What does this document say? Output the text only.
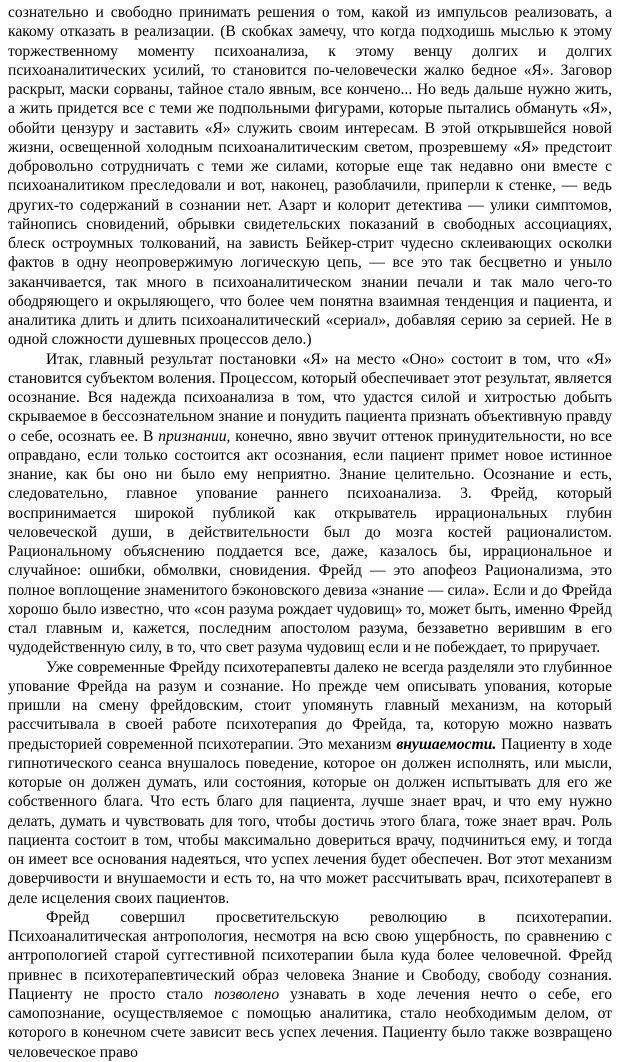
сознательно и свободно принимать решения о том, какой из импульсов реализовать, а какому отказать в реализации. (В скобках замечу, что когда подходишь мыслью к этому торжественному моменту психоанализа, к этому венцу долгих и долгих психоаналитических усилий, то становится по-человечески жалко бедное «Я». Заговор раскрыт, маски сорваны, тайное стало явным, все кончено... Но ведь дальше нужно жить, а жить придется все с теми же подпольными фигурами, которые пытались обмануть «Я», обойти цензуру и заставить «Я» служить своим интересам. В этой открывшейся новой жизни, освещенной холодным психоаналитическим светом, прозревшему «Я» предстоит добровольно сотрудничать с теми же силами, которые еще так недавно они вместе с психоаналитиком преследовали и вот, наконец, разоблачили, приперли к стенке, — ведь других-то содержаний в сознании нет. Азарт и колорит детектива — улики симптомов, тайнопись сновидений, обрывки свидетельских показаний в свободных ассоциациях, блеск остроумных толкований, на зависть Бейкер-стрит чудесно склеивающих осколки фактов в одну неопровержимую логическую цепь, — все это так бесцветно и уныло заканчивается, так много в психоаналитическом знании печали и так мало чего-то ободряющего и окрыляющего, что более чем понятна взаимная тенденция и пациента, и аналитика длить и длить психоаналитический «сериал», добавляя серию за серией. Не в одной сложности душевных процессов дело.)

Итак, главный результат постановки «Я» на место «Оно» состоит в том, что «Я» становится субъектом воления. Процессом, который обеспечивает этот результат, является осознание. Вся надежда психоанализа в том, что удастся силой и хитростью добыть скрываемое в бессознательном знание и понудить пациента признать объективную правду о себе, осознать ее. В признании, конечно, явно звучит оттенок принудительности, но все оправдано, если только состоится акт осознания, если пациент примет новое истинное знание, как бы оно ни было ему неприятно. Знание целительно. Осознание и есть, следовательно, главное упование раннего психоанализа. 3. Фрейд, который воспринимается широкой публикой как открыватель иррациональных глубин человеческой души, в действительности был до мозга костей рационалистом. Рациональному объяснению поддается все, даже, казалось бы, иррациональное и случайное: ошибки, обмолвки, сновидения. Фрейд — это апофеоз Рационализма, это полное воплощение знаменитого бэконовского девиза «знание — сила». Если и до Фрейда хорошо было известно, что «сон разума рождает чудовищ» то, может быть, именно Фрейд стал главным и, кажется, последним апостолом разума, беззаветно верившим в его чудодейственную силу, в то, что свет разума чудовищ если и не побеждает, то приручает.

Уже современные Фрейду психотерапевты далеко не всегда разделяли это глубинное упование Фрейда на разум и сознание. Но прежде чем описывать упования, которые пришли на смену фрейдовским, стоит упомянуть главный механизм, на который рассчитывала в своей работе психотерапия до Фрейда, та, которую можно назвать предысторией современной психотерапии. Это механизм внушаемости. Пациенту в ходе гипнотического сеанса внушалось поведение, которое он должен исполнять, или мысли, которые он должен думать, или состояния, которые он должен испытывать для его же собственного блага. Что есть благо для пациента, лучше знает врач, и что ему нужно делать, думать и чувствовать для того, чтобы достичь этого блага, тоже знает врач. Роль пациента состоит в том, чтобы максимально довериться врачу, подчиниться ему, и тогда он имеет все основания надеяться, что успех лечения будет обеспечен. Вот этот механизм доверчивости и внушаемости и есть то, на что может рассчитывать врач, психотерапевт в деле исцеления своих пациентов.

Фрейд совершил просветительскую революцию в психотерапии. Психоаналитическая антропология, несмотря на всю свою ущербность, по сравнению с антропологией старой суггестивной психотерапии была куда более человечной. Фрейд привнес в психотерапевтический образ человека Знание и Свободу, свободу сознания. Пациенту не просто стало позволено узнавать в ходе лечения нечто о себе, его самопознание, осуществляемое с помощью аналитика, стало необходимым делом, от которого в конечном счете зависит весь успех лечения. Пациенту было также возвращено человеческое право
